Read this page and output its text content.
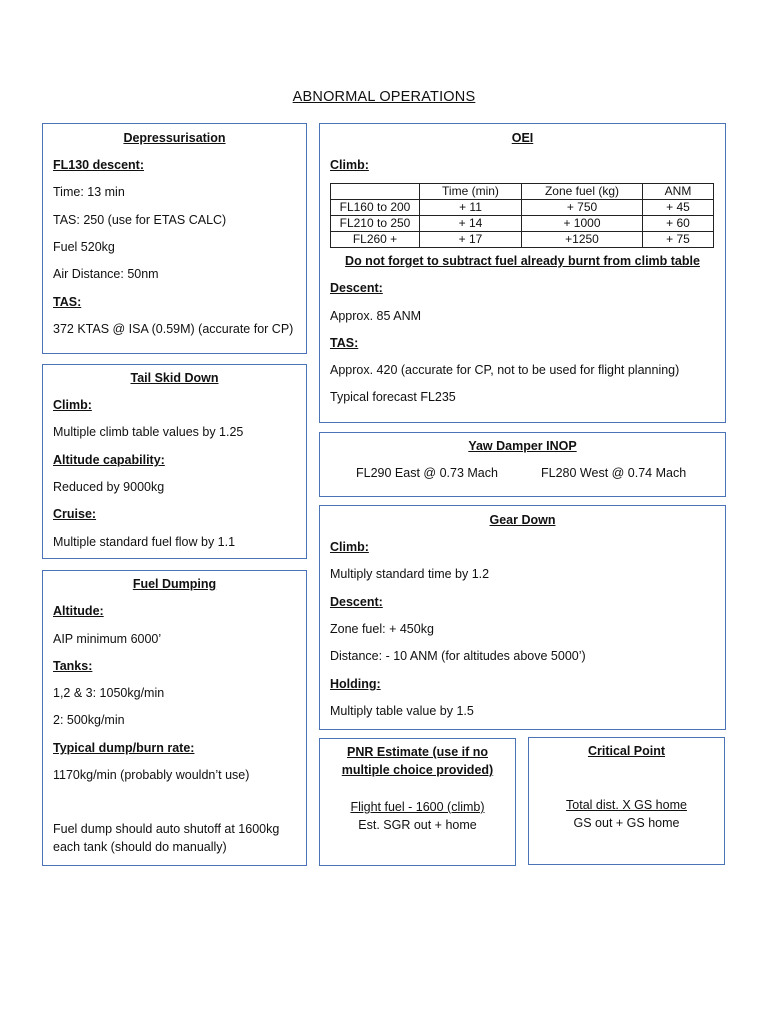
ABNORMAL OPERATIONS
Depressurisation
FL130 descent:
Time: 13 min
TAS: 250 (use for ETAS CALC)
Fuel 520kg
Air Distance: 50nm
TAS:
372 KTAS @ ISA (0.59M) (accurate for CP)
Tail Skid Down
Climb:
Multiple climb table values by 1.25
Altitude capability:
Reduced by 9000kg
Cruise:
Multiple standard fuel flow by 1.1
Fuel Dumping
Altitude:
AIP minimum 6000’
Tanks:
1,2 & 3: 1050kg/min
2: 500kg/min
Typical dump/burn rate:
1170kg/min (probably wouldn’t use)
Fuel dump should auto shutoff at 1600kg
each tank (should do manually)
OEI
Climb:
	Time (min)	Zone fuel (kg)	ANM
FL160 to 200	+ 11	+ 750	+ 45
FL210 to 250	+ 14	+ 1000	+ 60
FL260 +	+ 17	+1250	+ 75
Do not forget to subtract fuel already burnt from climb table
Descent:
Approx. 85 ANM
TAS:
Approx. 420 (accurate for CP, not to be used for flight planning)
Typical forecast FL235
Yaw Damper INOP
FL290 East @ 0.73 Mach	FL280 West @ 0.74 Mach
Gear Down
Climb:
Multiply standard time by 1.2
Descent:
Zone fuel: + 450kg
Distance: - 10 ANM (for altitudes above 5000’)
Holding:
Multiply table value by 1.5
PNR Estimate (use if no
multiple choice provided)
Flight fuel - 1600 (climb)
Est. SGR out + home
Critical Point
Total dist. X GS home
GS out + GS home
